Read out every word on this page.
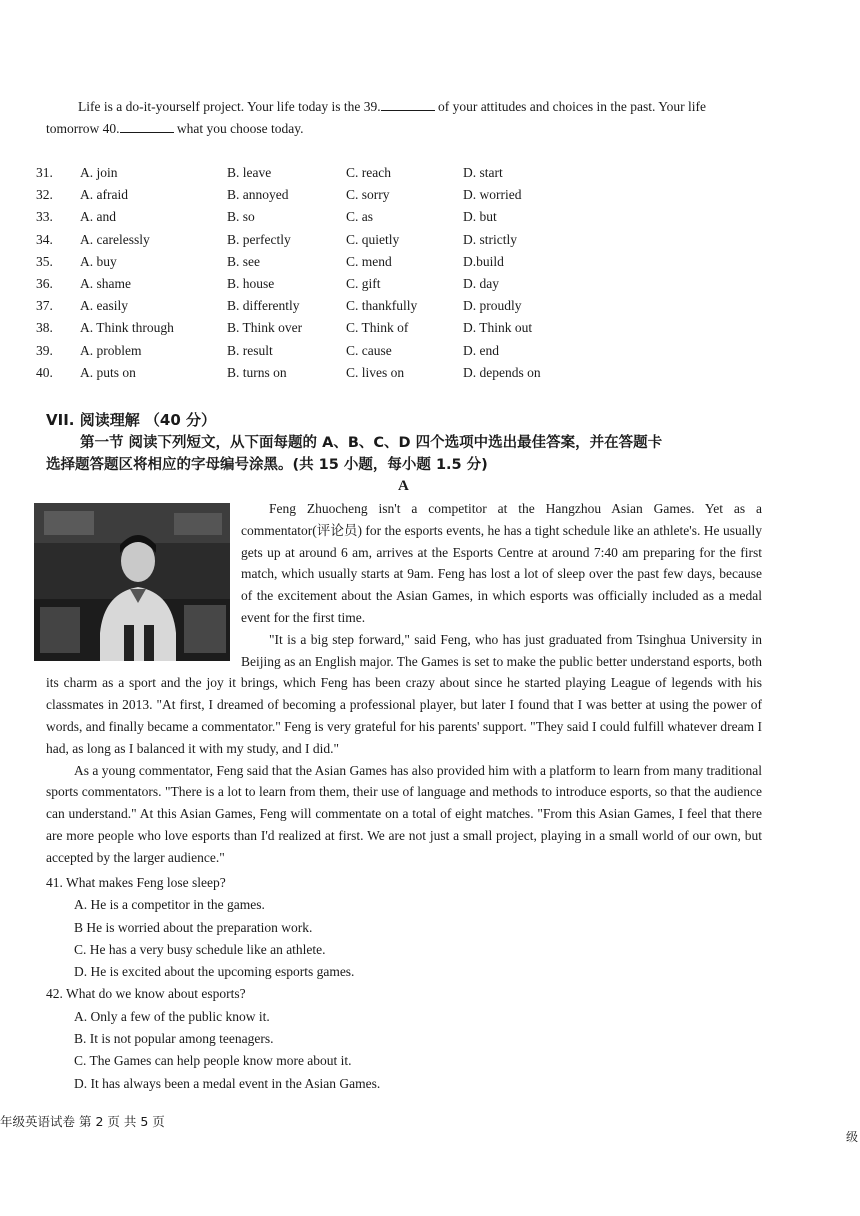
Life is a do-it-yourself project. Your life today is the 39.	of your attitudes and choices in the past. Your life
tomorrow 40.	what you choose today.
31.	A. join	B. leave	C. reach	D. start
32.	A. afraid	B. annoyed	C. sorry	D. worried
33.	A. and	B. so	C. as	D. but
34.	A. carelessly	B. perfectly	C. quietly	D. strictly
35.	A. buy	B. see	C. mend	D.build
36.	A. shame	B. house	C. gift	D. day
37.	A. easily	B. differently	C. thankfully	D. proudly
38.	A. Think through	B. Think over	C. Think of	D. Think out
39.	A. problem	B. result	C. cause	D. end
40.	A. puts on	B. turns on	C. lives on	D. depends on
VII. 阅读理解 （40 分）
第一节 阅读下列短文，从下面每题的 A、B、C、D 四个选项中选出最佳答案，并在答题卡
选择题答题区将相应的字母编号涂黑。(共 15 小题，每小题 1.5 分)
A

Feng Zhuocheng isn't a competitor at the Hangzhou Asian Games. Yet as a commentator(评论员) for the esports events, he has a tight schedule like an athlete's. He usually gets up at around 6 am, arrives at the Esports Centre at around 7:40 am preparing for the first match, which usually starts at 9am. Feng has lost a lot of sleep over the past few days, because of the excitement about the Asian Games, in which esports was officially included as a medal event for the first time.

"It is a big step forward," said Feng, who has just graduated from Tsinghua University in Beijing as an English major. The Games is set to make the public better understand esports, both its charm as a sport and the joy it brings, which Feng has been crazy about since he started playing League of legends with his classmates in 2013. "At first, I dreamed of becoming a professional player, but later I found that I was better at using the power of words, and finally became a commentator." Feng is very grateful for his parents' support. "They said I could fulfill whatever dream I had, as long as I balanced it with my study, and I did."

As a young commentator, Feng said that the Asian Games has also provided him with a platform to learn from many traditional sports commentators. "There is a lot to learn from them, their use of language and methods to introduce esports, so that the audience can understand." At this Asian Games, Feng will commentate on a total of eight matches. "From this Asian Games, I feel that there are more people who love esports than I'd realized at first. We are not just a small project, playing in a small world of our own, but accepted by the larger audience."

41. What makes Feng lose sleep?
A. He is a competitor in the games.
B He is worried about the preparation work.
C. He has a very busy schedule like an athlete.
D. He is excited about the upcoming esports games.
42. What do we know about esports?
A. Only a few of the public know it.
B. It is not popular among teenagers.
C. The Games can help people know more about it.
D. It has always been a medal event in the Asian Games.
年级英语试卷 第 2 页 共 5 页
级
